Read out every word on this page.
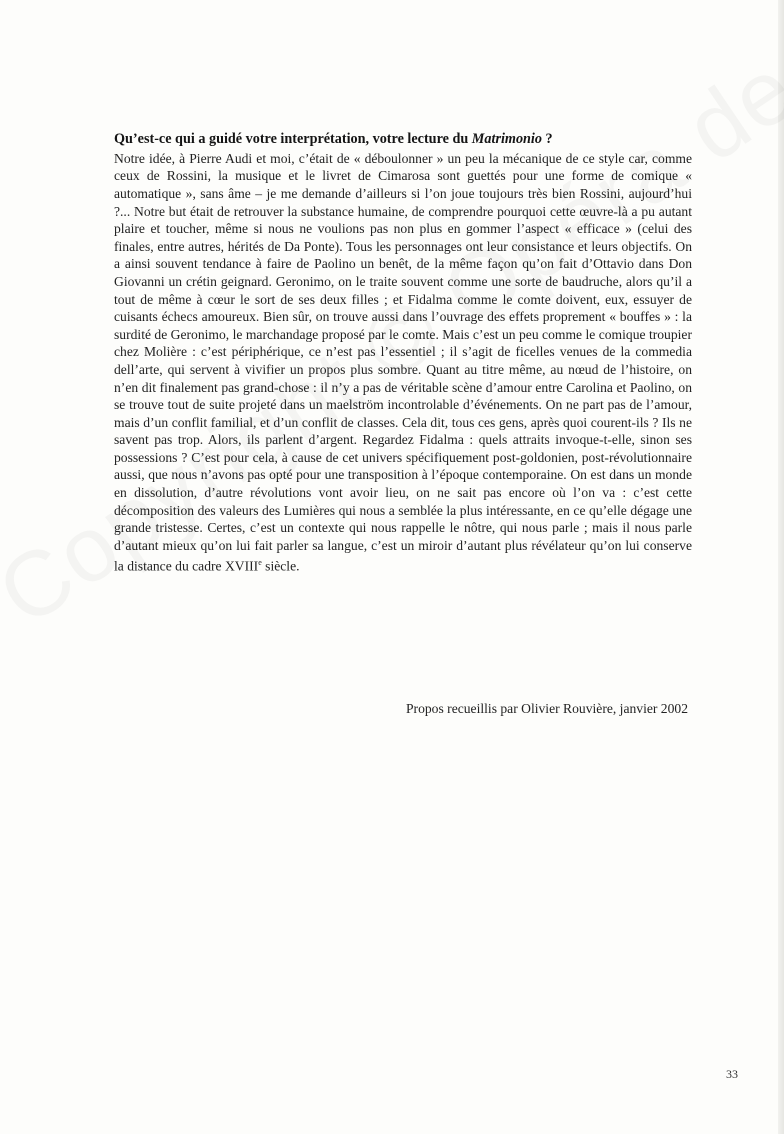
Qu’est-ce qui a guidé votre interprétation, votre lecture du Matrimonio ?

Notre idée, à Pierre Audi et moi, c’était de « déboulonner » un peu la mécanique de ce style car, comme ceux de Rossini, la musique et le livret de Cimarosa sont guettés pour une forme de comique « automatique », sans âme – je me demande d’ailleurs si l’on joue toujours très bien Rossini, aujourd’hui ?... Notre but était de retrouver la substance humaine, de comprendre pourquoi cette œuvre-là a pu autant plaire et toucher, même si nous ne voulions pas non plus en gommer l’aspect « efficace » (celui des finales, entre autres, hérités de Da Ponte). Tous les personnages ont leur consistance et leurs objectifs. On a ainsi souvent tendance à faire de Paolino un benêt, de la même façon qu’on fait d’Ottavio dans Don Giovanni un crétin geignard. Geronimo, on le traite souvent comme une sorte de baudruche, alors qu’il a tout de même à cœur le sort de ses deux filles ; et Fidalma comme le comte doivent, eux, essuyer de cuisants échecs amoureux. Bien sûr, on trouve aussi dans l’ouvrage des effets proprement « bouffes » : la surdité de Geronimo, le marchandage proposé par le comte. Mais c’est un peu comme le comique troupier chez Molière : c’est périphérique, ce n’est pas l’essentiel ; il s’agit de ficelles venues de la commedia dell’arte, qui servent à vivifier un propos plus sombre. Quant au titre même, au nœud de l’histoire, on n’en dit finalement pas grand-chose : il n’y a pas de véritable scène d’amour entre Carolina et Paolino, on se trouve tout de suite projeté dans un maelström incontrolable d’événements. On ne part pas de l’amour, mais d’un conflit familial, et d’un conflit de classes. Cela dit, tous ces gens, après quoi courent-ils ? Ils ne savent pas trop. Alors, ils parlent d’argent. Regardez Fidalma : quels attraits invoque-t-elle, sinon ses possessions ? C’est pour cela, à cause de cet univers spécifiquement post-goldonien, post-révolutionnaire aussi, que nous n’avons pas opté pour une transposition à l’époque contemporaine. On est dans un monde en dissolution, d’autre révolutions vont avoir lieu, on ne sait pas encore où l’on va : c’est cette décomposition des valeurs des Lumières qui nous a semblée la plus intéressante, en ce qu’elle dégage une grande tristesse. Certes, c’est un contexte qui nous rappelle le nôtre, qui nous parle ; mais il nous parle d’autant mieux qu’on lui fait parler sa langue, c’est un miroir d’autant plus révélateur qu’on lui conserve la distance du cadre XVIIIe siècle.

Propos recueillis par Olivier Rouvière, janvier 2002
33
